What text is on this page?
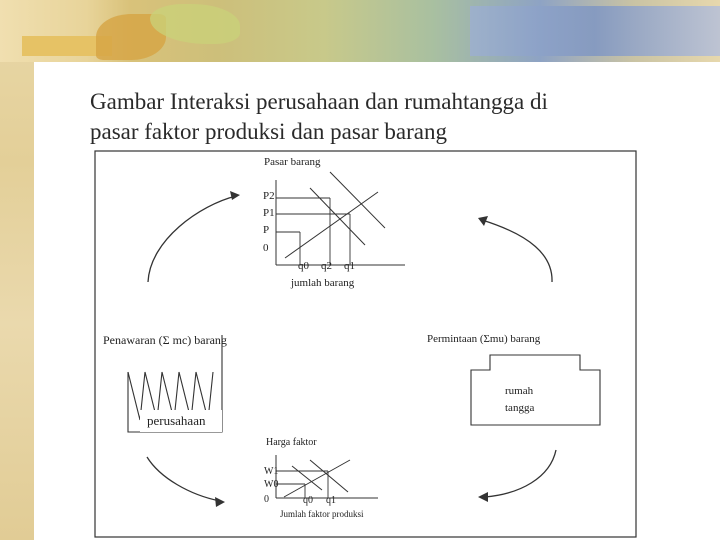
Gambar Interaksi perusahaan dan rumahtangga di
pasar faktor produksi dan pasar barang
Pasar barang
P2
P1
P
0
q0 q2 q1
jumlah barang
Penawaran (Σ mc) barang	Permintaan (Σmu) barang
perusahaan
rumah
tangga
Harga faktor
W1
W0
0	q0 q1
Jumlah faktor produksi
